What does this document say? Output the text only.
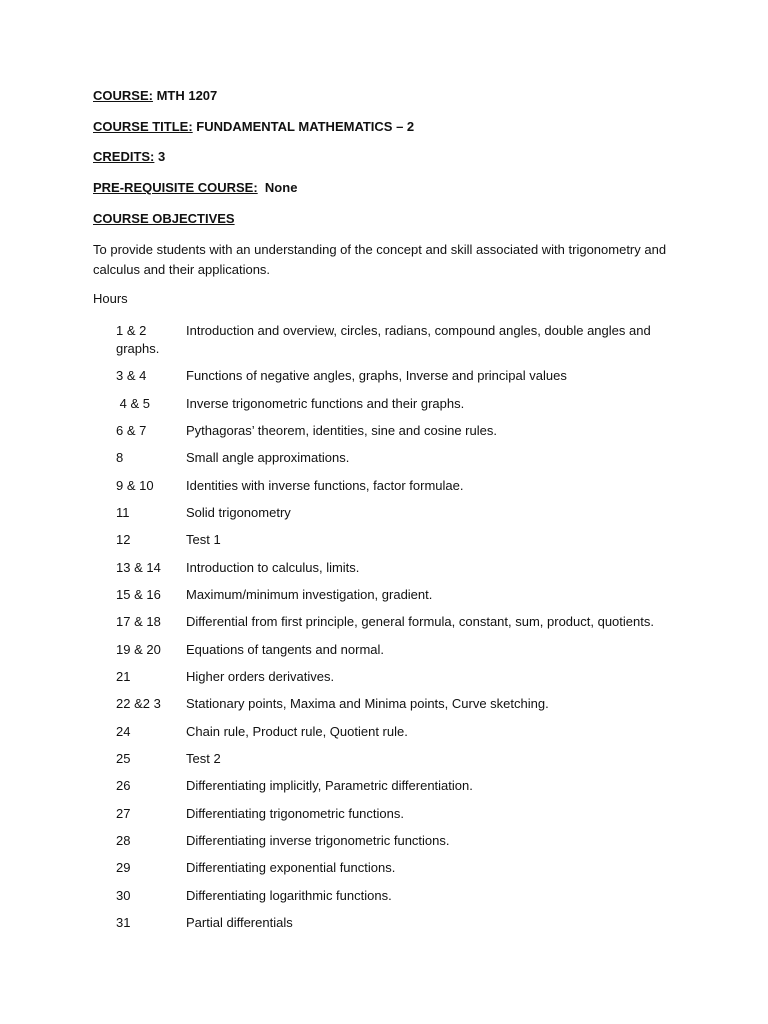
COURSE: MTH 1207
COURSE TITLE: FUNDAMENTAL MATHEMATICS – 2
CREDITS: 3
PRE-REQUISITE COURSE: None
COURSE OBJECTIVES
To provide students with an understanding of the concept and skill associated with trigonometry and calculus and their applications.
Hours
1 & 2	Introduction and overview, circles, radians, compound angles, double angles and
graphs.
3 & 4	Functions of negative angles, graphs, Inverse and principal values
4 & 5	Inverse trigonometric functions and their graphs.
6 & 7	Pythagoras’ theorem, identities, sine and cosine rules.
8	Small angle approximations.
9 & 10 Identities with inverse functions, factor formulae.
11	Solid trigonometry
12	Test 1
13 & 14 Introduction to calculus, limits.
15 & 16 Maximum/minimum investigation, gradient.
17 & 18 Differential from first principle, general formula, constant, sum, product, quotients.
19 & 20 Equations of tangents and normal.
21	Higher orders derivatives.
22 &2 3 Stationary points, Maxima and Minima points, Curve sketching.
24	Chain rule, Product rule, Quotient rule.
25	Test 2
26	Differentiating implicitly, Parametric differentiation.
27	Differentiating trigonometric functions.
28	Differentiating inverse trigonometric functions.
29	Differentiating exponential functions.
30	Differentiating logarithmic functions.
31	Partial differentials
